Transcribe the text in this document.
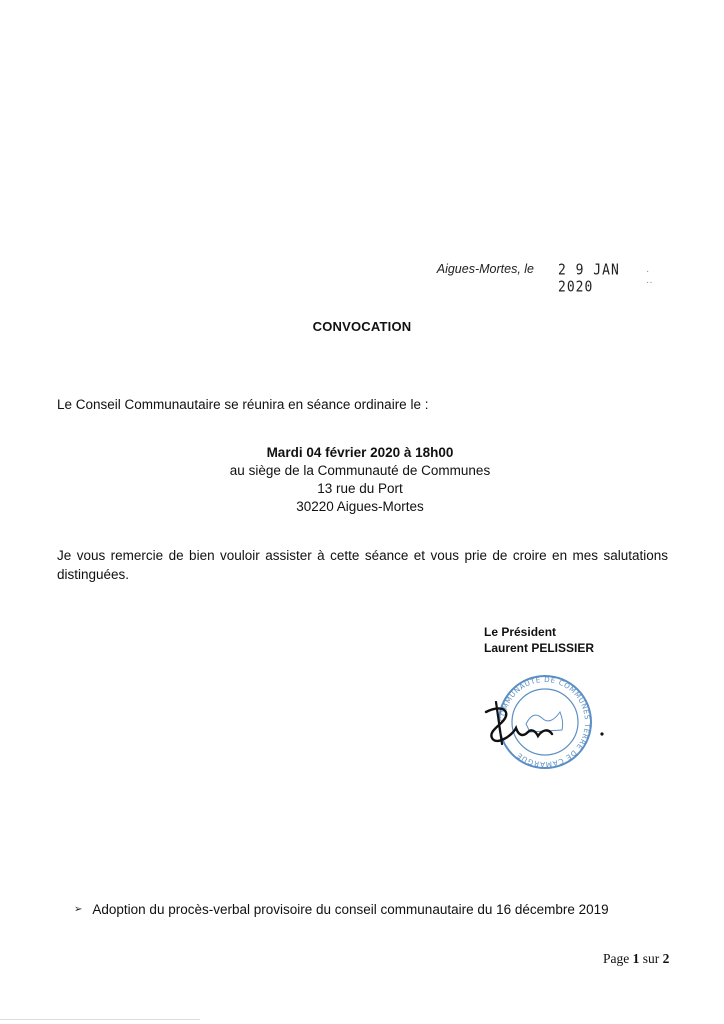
Aigues-Mortes, le 2 9 JAN 2020
· ··
CONVOCATION
Le Conseil Communautaire se réunira en séance ordinaire le :
Mardi 04 février 2020 à 18h00
au siège de la Communauté de Communes
13 rue du Port
30220 Aigues-Mortes
Je vous remercie de bien vouloir assister à cette séance et vous prie de croire en mes salutations
distinguées.
Le Président
Laurent PELISSIER
COMMUNAUTÉ DE COMMUNES TERRE DE CAMARGUE
➢ Adoption du procès-verbal provisoire du conseil communautaire du 16 décembre 2019
Page 1 sur 2
